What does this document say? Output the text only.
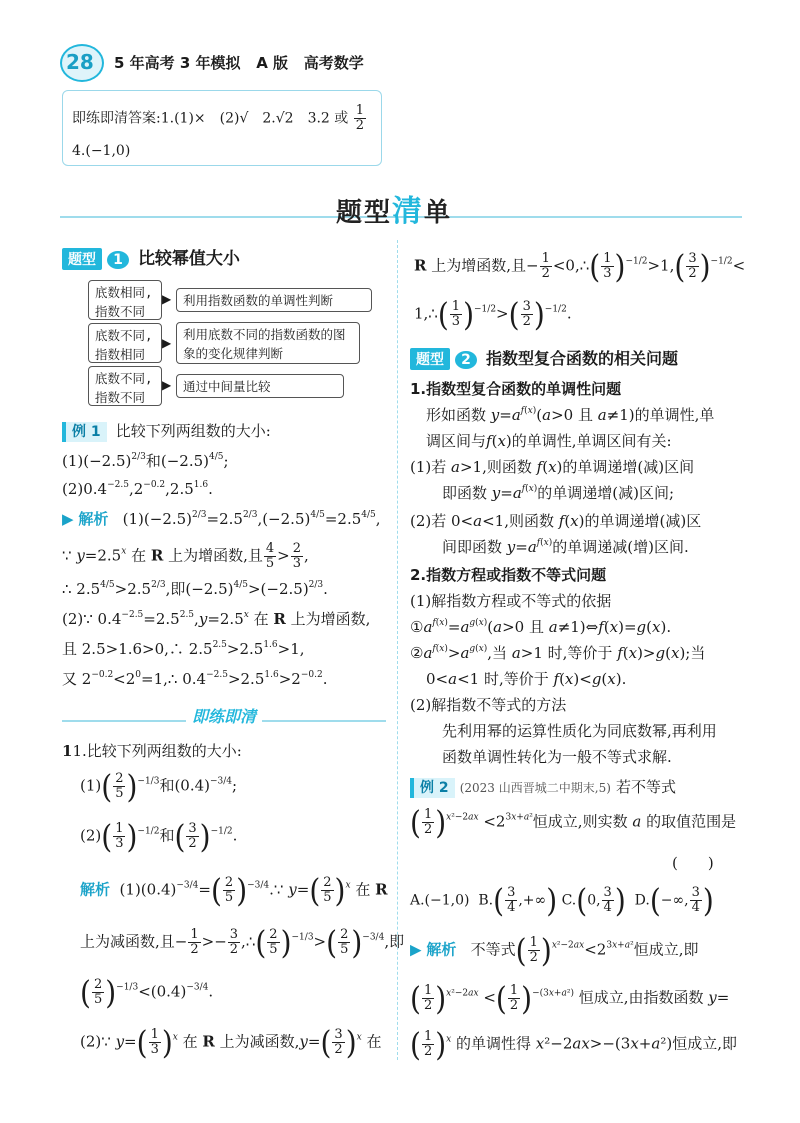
28 5 年高考 3 年模拟 A 版 高考数学
即练即清答案:1.(1)×　(2)√　2.√2　3.2 或 $\frac{1}{2}$
4.(−1,0)
题型清单
题型 1 比较幂值大小
底数相同,
指数不同
利用指数函数的单调性判断
底数不同,
指数相同
利用底数不同的指数函数的图
象的变化规律判断
底数不同,
指数不同
通过中间量比较
▶
▶
▶
例 1 比较下列两组数的大小:
$(1)(-2.5)^{2/3}$和$(-2.5)^{4/5}$;
$(2)0.4^{-2.5},2^{-0.2},2.5^{1.6}$.
▶ 解析   $(1)(-2.5)^{2/3}=2.5^{2/3},(-2.5)^{4/5}=2.5^{4/5}$,
∵ $y=2.5^x$ 在 R 上为增函数,且 $\frac{4}{5} > \frac{2}{3}$ ,
∴ $2.5^{4/5}>2.5^{2/3}$,即$(-2.5)^{4/5}>(-2.5)^{2/3}$.
(2)∵ $0.4^{-2.5}=2.5^{2.5},y=2.5^x$ 在 R 上为增函数,
且 2.5>1.6>0,∴ $2.5^{2.5}>2.5^{1.6}>1$,
又 $2^{-0.2}<2^0=1,\therefore$ $0.4^{-2.5}>2.5^{1.6}>2^{-0.2}$.
即练即清
11.比较下列两组数的大小:
$(1)( \frac{2}{5} )^{-1/3}$和$(0.4)^{-3/4}$;
$(2)( \frac{1}{3} )^{-1/2}$和( $\frac{3}{2} )^{-1/2}$.
解析  $(1)(0.4)^{-3/4}=( \frac{2}{5}$ )$^{-3/4}.\because$ $y=( \frac{2}{5} )^x$ 在 R
上为减函数,且− $\frac{1}{2} >- \frac{3}{2}$ ,∴( $\frac{2}{5} )^{-1/3}>( \frac{2}{5} )^{-3/4}$,即
( $\frac{2}{5} )^{-1/3}<(0.4)^{-3/4}$.
(2)∵ $y=( \frac{1}{3} )^x$ 在 R 上为减函数$,y=( \frac{3}{2} )^x$ 在
R 上为增函数,且− $\frac{1}{2}$ <0,∴( $\frac{1}{3} )^{-1/2}>1,( \frac{3}{2} )^{-1/2}<$
1,∴( $\frac{1}{3} )^{-1/2}>( \frac{3}{2} )^{-1/2}$.
题型 2 指数型复合函数的相关问题
1.指数型复合函数的单调性问题
形如函数 $y=a^{f(x)}(a>0$ 且 a≠1)的单调性,单
调区间与f(x)的单调性,单调区间有关:
(1)若 a>1,则函数 f(x)的单调递增(减)区间
即函数 $y=a^{f(x)}$的单调递增(减)区间;
(2)若 0<a<1,则函数 f(x)的单调递增(减)区
间即函数 $y=a^{f(x)}$的单调递减(增)区间.
2.指数方程或指数不等式问题
(1)解指数方程或不等式的依据
$①a^{f(x)}=a^{g(x)}(a>0$ 且 a≠1)⇔f(x)=g(x).
$②a^{f(x)}>a^{g(x)}$,当 a>1 时,等价于 f(x)>g(x);当
0<a<1 时,等价于 f(x)<g(x).
(2)解指数不等式的方法
先利用幂的运算性质化为同底数幂,再利用
函数单调性转化为一般不等式求解.
例 2 (2023 山西晋城二中期末,5) 若不等式
( $\frac{1}{2} )^{x^2-2ax} <2^{3x+a^2}$恒成立,则实数 a 的取值范围是
(　　)
A.(−1,0)  $B.( \frac{3}{4}$ ,+∞) C.(0, $\frac{3}{4}$ )  D.(−∞, $\frac{3}{4}$ )
▶ 解析   不等式( $\frac{1}{2} )^{x^2-2ax}<2^{3x+a^2}$恒成立,即
( $\frac{1}{2} )^{x^2-2ax}$ <( $\frac{1}{2} )^{-(3x+a^2)}$ 恒成立,由指数函数 y=
( $\frac{1}{2} )^x$ 的单调性得 x²−2ax>−(3x+a²)恒成立,即
